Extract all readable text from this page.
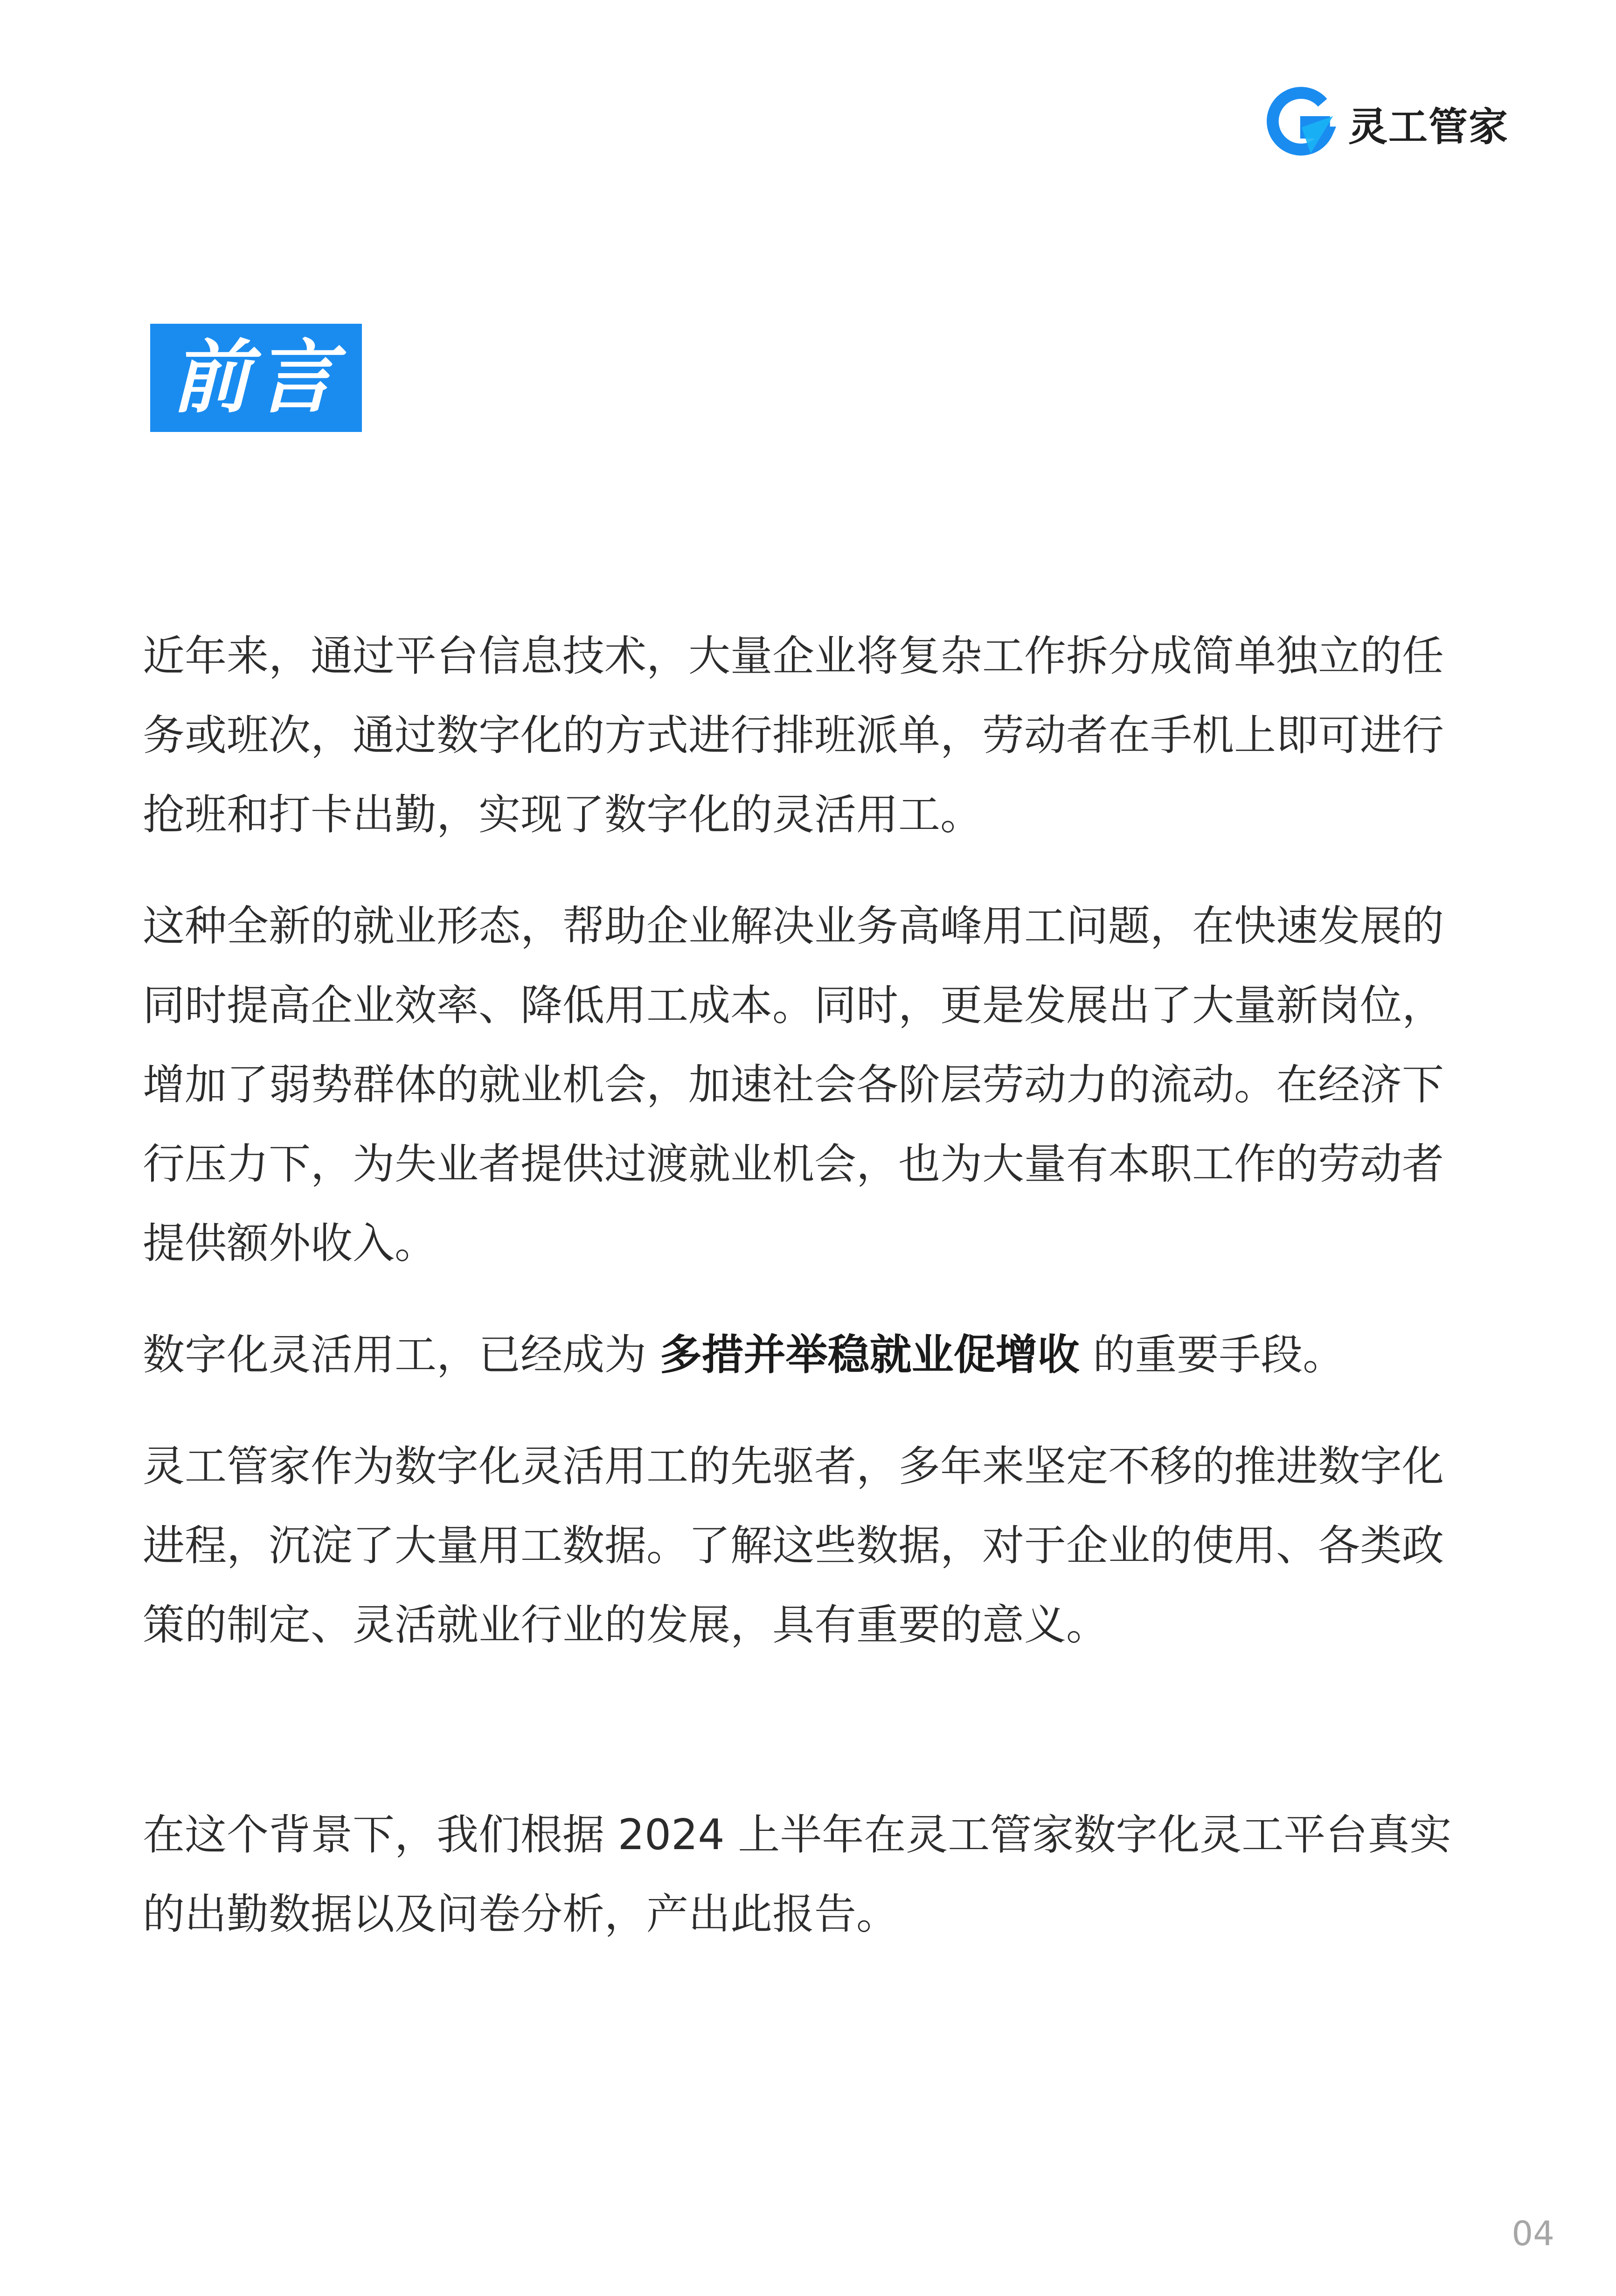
灵工管家
前言

近年来，通过平台信息技术，大量企业将复杂工作拆分成简单独立的任务或班次，通过数字化的方式进行排班派单，劳动者在手机上即可进行抢班和打卡出勤，实现了数字化的灵活用工。

这种全新的就业形态，帮助企业解决业务高峰用工问题，在快速发展的同时提高企业效率、降低用工成本。同时，更是发展出了大量新岗位，增加了弱势群体的就业机会，加速社会各阶层劳动力的流动。在经济下行压力下，为失业者提供过渡就业机会，也为大量有本职工作的劳动者提供额外收入。

数字化灵活用工，已经成为 多措并举稳就业促增收 的重要手段。

灵工管家作为数字化灵活用工的先驱者，多年来坚定不移的推进数字化进程，沉淀了大量用工数据。了解这些数据，对于企业的使用、各类政策的制定、灵活就业行业的发展，具有重要的意义。

在这个背景下，我们根据 2024 上半年在灵工管家数字化灵工平台真实的出勤数据以及问卷分析，产出此报告。

04
